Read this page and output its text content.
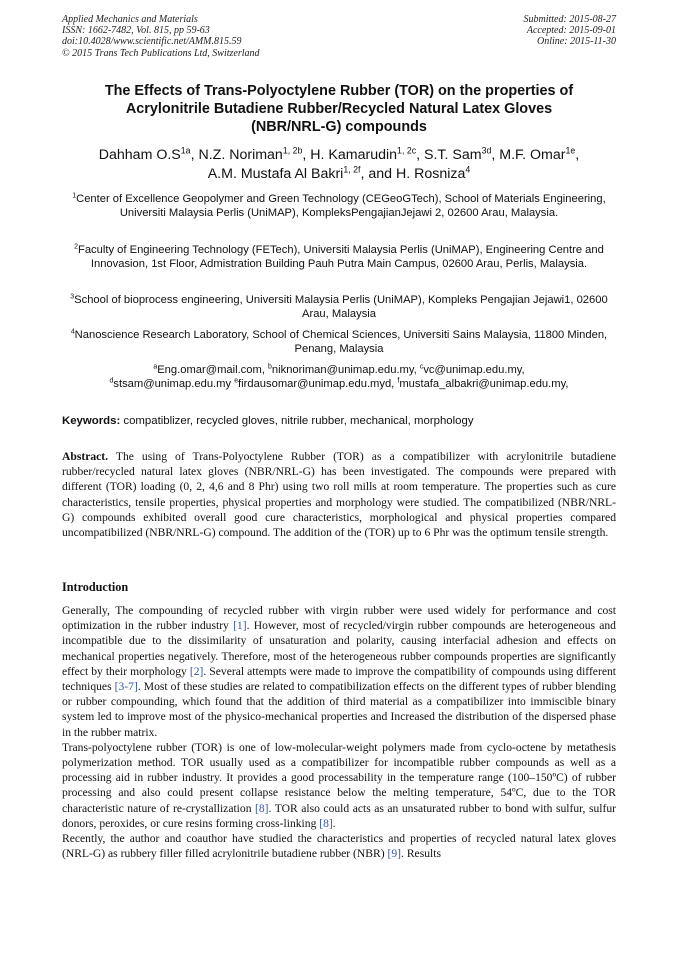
Applied Mechanics and Materials
ISSN: 1662-7482, Vol. 815, pp 59-63
doi:10.4028/www.scientific.net/AMM.815.59
© 2015 Trans Tech Publications Ltd, Switzerland
Submitted: 2015-08-27
Accepted: 2015-09-01
Online: 2015-11-30
The Effects of Trans-Polyoctylene Rubber (TOR) on the properties of
Acrylonitrile Butadiene Rubber/Recycled Natural Latex Gloves
(NBR/NRL-G) compounds
Dahham $O.S^{1a}$, N.Z. Noriman$^{1, 2b}$, H. Kamarudin$^{1, 2c}$, S.T. Sam$^{3d}$, M.F. Omar$^{1e}$,
A.M. Mustafa Al Bakri$^{1, 2f}$, and H. Rosniza$^4$
$^1$Center of Excellence Geopolymer and Green Technology (CEGeoGTech), School of Materials Engineering, Universiti Malaysia Perlis (UniMAP), KompleksPengajianJejawi 2, 02600 Arau, Malaysia.
$^2$Faculty of Engineering Technology (FETech), Universiti Malaysia Perlis (UniMAP), Engineering Centre and Innovasion, 1st Floor, Admistration Building Pauh Putra Main Campus, 02600 Arau, Perlis, Malaysia.
$^3$School of bioprocess engineering, Universiti Malaysia Perlis (UniMAP), Kompleks Pengajian Jejawi1, 02600 Arau, Malaysia
$^4$Nanoscience Research Laboratory, School of Chemical Sciences, Universiti Sains Malaysia, 11800 Minden, Penang, Malaysia
$^a$Eng.omar@mail.com, $^b$niknoriman@unimap.edu.my, $^c$vc@unimap.edu.my,
$^d$stsam@unimap.edu.my $^e$firdausomar@unimap.edu.myd, $^f$mustafa_albakri@unimap.edu.my,
Keywords: compatiblizer, recycled gloves, nitrile rubber, mechanical, morphology
Abstract. The using of Trans-Polyoctylene Rubber (TOR) as a compatibilizer with acrylonitrile butadiene rubber/recycled natural latex gloves (NBR/NRL-G) has been investigated. The compounds were prepared with different (TOR) loading (0, 2, 4,6 and 8 Phr) using two roll mills at room temperature. The properties such as cure characteristics, tensile properties, physical properties and morphology were studied. The compatibilized (NBR/NRL-G) compounds exhibited overall good cure characteristics, morphological and physical properties compared uncompatibilized (NBR/NRL-G) compound. The addition of the (TOR) up to 6 Phr was the optimum tensile strength.
Introduction

Generally, The compounding of recycled rubber with virgin rubber were used widely for performance and cost optimization in the rubber industry [1]. However, most of recycled/virgin rubber compounds are heterogeneous and incompatible due to the dissimilarity of unsaturation and polarity, causing interfacial adhesion and effects on mechanical properties negatively. Therefore, most of the heterogeneous rubber compounds properties are significantly effect by their morphology [2]. Several attempts were made to improve the compatibility of compounds using different techniques [3-7]. Most of these studies are related to compatibilization effects on the different types of rubber blending or rubber compounding, which found that the addition of third material as a compatibilizer into immiscible binary system led to improve most of the physico-mechanical properties and Increased the distribution of the dispersed phase in the rubber matrix.

Trans-polyoctylene rubber (TOR) is one of low-molecular-weight polymers made from cyclo-octene by metathesis polymerization method. TOR usually used as a compatibilizer for incompatible rubber compounds as well as a processing aid in rubber industry. It provides a good processability in the temperature range (100–150ºC) of rubber processing and also could present collapse resistance below the melting temperature, 54ºC, due to the TOR characteristic nature of re-crystallization [8]. TOR also could acts as an unsaturated rubber to bond with sulfur, sulfur donors, peroxides, or cure resins forming cross-linking [8].

Recently, the author and coauthor have studied the characteristics and properties of recycled natural latex gloves (NRL-G) as rubbery filler filled acrylonitrile butadiene rubber (NBR) [9]. Results
